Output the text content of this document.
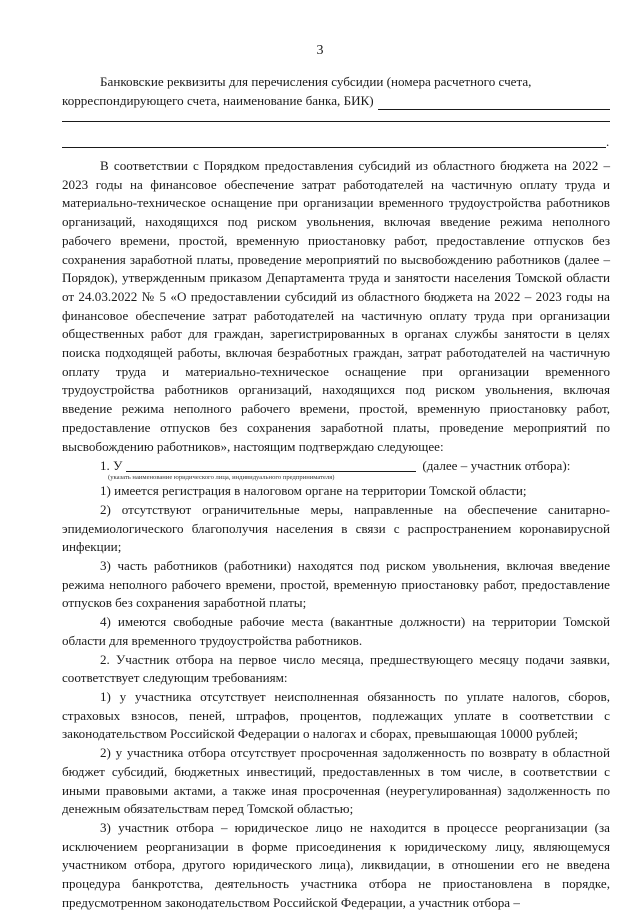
3

Банковские реквизиты для перечисления субсидии (номера расчетного счета,

корреспондирующего счета, наименование банка, БИК)
.

В соответствии с Порядком предоставления субсидий из областного бюджета на 2022 – 2023 годы на финансовое обеспечение затрат работодателей на частичную оплату труда и материально-техническое оснащение при организации временного трудоустройства работников организаций, находящихся под риском увольнения, включая введение режима неполного рабочего времени, простой, временную приостановку работ, предоставление отпусков без сохранения заработной платы, проведение мероприятий по высвобождению работников (далее – Порядок), утвержденным приказом Департамента труда и занятости населения Томской области от 24.03.2022 № 5 «О предоставлении субсидий из областного бюджета на 2022 – 2023 годы на финансовое обеспечение затрат работодателей на частичную оплату труда при организации общественных работ для граждан, зарегистрированных в органах службы занятости в целях поиска подходящей работы, включая безработных граждан, затрат работодателей на частичную оплату труда и материально-техническое оснащение при организации временного трудоустройства работников организаций, находящихся под риском увольнения, включая введение режима неполного рабочего времени, простой, временную приостановку работ, предоставление отпусков без сохранения заработной платы, проведение мероприятий по высвобождению работников», настоящим подтверждаю следующее:

1. У	(далее – участник отбора):
(указать наименование юридического лица, индивидуального предпринимателя)

1) имеется регистрация в налоговом органе на территории Томской области;

2) отсутствуют ограничительные меры, направленные на обеспечение санитарно-эпидемиологического благополучия населения в связи с распространением коронавирусной инфекции;

3) часть работников (работники) находятся под риском увольнения, включая введение режима неполного рабочего времени, простой, временную приостановку работ, предоставление отпусков без сохранения заработной платы;

4) имеются свободные рабочие места (вакантные должности) на территории Томской области для временного трудоустройства работников.

2. Участник отбора на первое число месяца, предшествующего месяцу подачи заявки, соответствует следующим требованиям:

1) у участника отсутствует неисполненная обязанность по уплате налогов, сборов, страховых взносов, пеней, штрафов, процентов, подлежащих уплате в соответствии с законодательством Российской Федерации о налогах и сборах, превышающая 10000 рублей;

2) у участника отбора отсутствует просроченная задолженность по возврату в областной бюджет субсидий, бюджетных инвестиций, предоставленных в том числе, в соответствии с иными правовыми актами, а также иная просроченная (неурегулированная) задолженность по денежным обязательствам перед Томской областью;

3) участник отбора – юридическое лицо не находится в процессе реорганизации (за исключением реорганизации в форме присоединения к юридическому лицу, являющемуся участником отбора, другого юридического лица), ликвидации, в отношении его не введена процедура банкротства, деятельность участника отбора не приостановлена в порядке, предусмотренном законодательством Российской Федерации, а участник отбора –
